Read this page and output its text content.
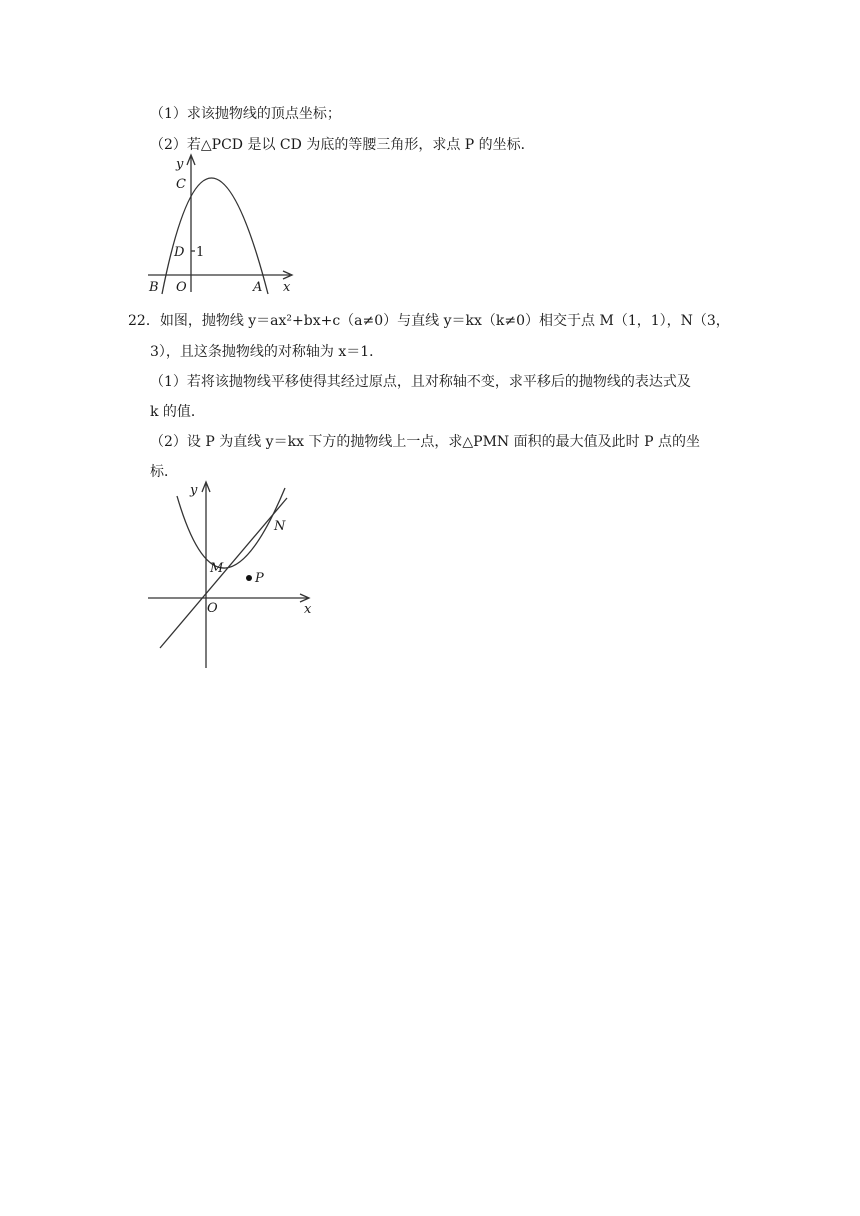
（1）求该抛物线的顶点坐标；
（2）若△PCD 是以 CD 为底的等腰三角形，求点 P 的坐标．
y
C
D 1
B O	A x
22．如图，抛物线 y＝ax²+bx+c（a≠0）与直线 y＝kx（k≠0）相交于点 M（1，1），N（3，
3），且这条抛物线的对称轴为 x＝1．
（1）若将该抛物线平移使得其经过原点，且对称轴不变，求平移后的抛物线的表达式及
k 的值．
（2）设 P 为直线 y＝kx 下方的抛物线上一点，求△PMN 面积的最大值及此时 P 点的坐
标．
y
M
N
P
O	x
